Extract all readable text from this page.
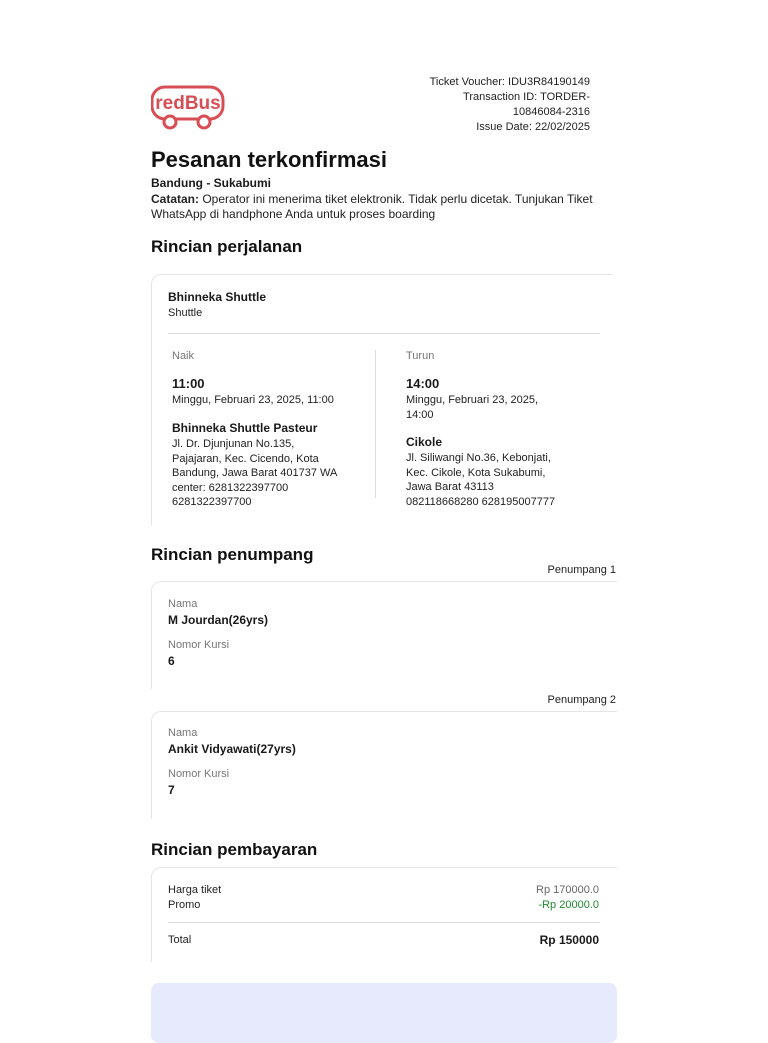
redBus
Ticket Voucher: IDU3R84190149
Transaction ID: TORDER-
10846084-2316
Issue Date: 22/02/2025
Pesanan terkonfirmasi
Bandung - Sukabumi
Catatan: Operator ini menerima tiket elektronik. Tidak perlu dicetak. Tunjukan Tiket WhatsApp di handphone Anda untuk proses boarding
Rincian perjalanan
Bhinneka Shuttle
Shuttle
Naik
11:00
Minggu, Februari 23, 2025, 11:00
Bhinneka Shuttle Pasteur
Jl. Dr. Djunjunan No.135,
Pajajaran, Kec. Cicendo, Kota
Bandung, Jawa Barat 401737 WA
center: 6281322397700
6281322397700
Turun
14:00
Minggu, Februari 23, 2025,
14:00
Cikole
Jl. Siliwangi No.36, Kebonjati,
Kec. Cikole, Kota Sukabumi,
Jawa Barat 43113
082118668280 628195007777
Rincian penumpang
Penumpang 1
Nama
M Jourdan(26yrs)
Nomor Kursi
6
Penumpang 2
Nama
Ankit Vidyawati(27yrs)
Nomor Kursi
7
Rincian pembayaran
Harga tiket	Rp 170000.0
Promo	-Rp 20000.0
Total	Rp 150000
